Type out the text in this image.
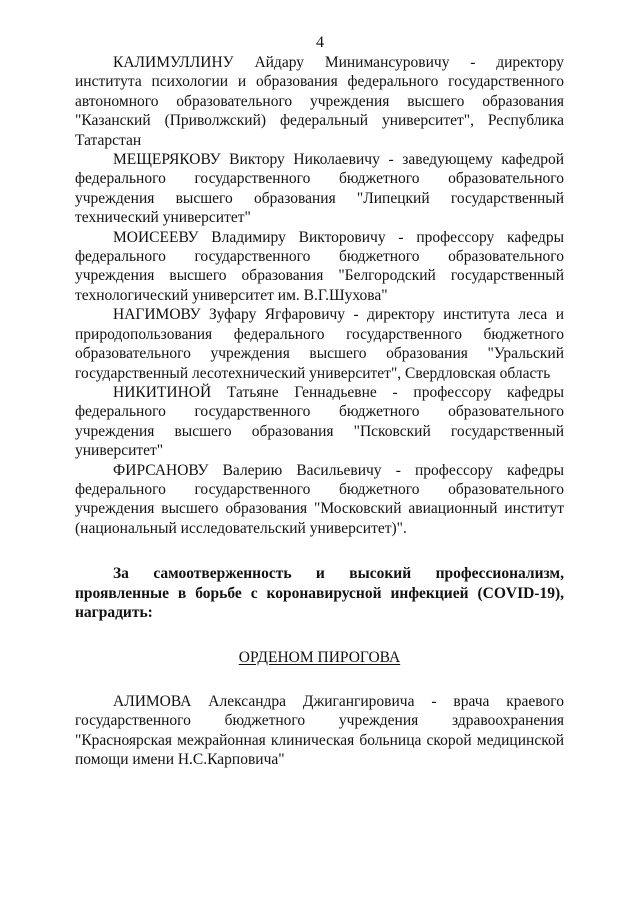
4

КАЛИМУЛЛИНУ Айдару Минимансуровичу - директору института психологии и образования федерального государственного автономного образовательного учреждения высшего образования "Казанский (Приволжский) федеральный университет", Республика Татарстан

МЕЩЕРЯКОВУ Виктору Николаевичу - заведующему кафедрой федерального государственного бюджетного образовательного учреждения высшего образования "Липецкий государственный технический университет"

МОИСЕЕВУ Владимиру Викторовичу - профессору кафедры федерального государственного бюджетного образовательного учреждения высшего образования "Белгородский государственный технологический университет им. В.Г.Шухова"

НАГИМОВУ Зуфару Ягфаровичу - директору института леса и природопользования федерального государственного бюджетного образовательного учреждения высшего образования "Уральский государственный лесотехнический университет", Свердловская область

НИКИТИНОЙ Татьяне Геннадьевне - профессору кафедры федерального государственного бюджетного образовательного учреждения высшего образования "Псковский государственный университет"

ФИРСАНОВУ Валерию Васильевичу - профессору кафедры федерального государственного бюджетного образовательного учреждения высшего образования "Московский авиационный институт (национальный исследовательский университет)".

За самоотверженность и высокий профессионализм, проявленные в борьбе с коронавирусной инфекцией (COVID-19), наградить:

ОРДЕНОМ ПИРОГОВА

АЛИМОВА Александра Джигангировича - врача краевого государственного бюджетного учреждения здравоохранения "Красноярская межрайонная клиническая больница скорой медицинской помощи имени Н.С.Карповича"
